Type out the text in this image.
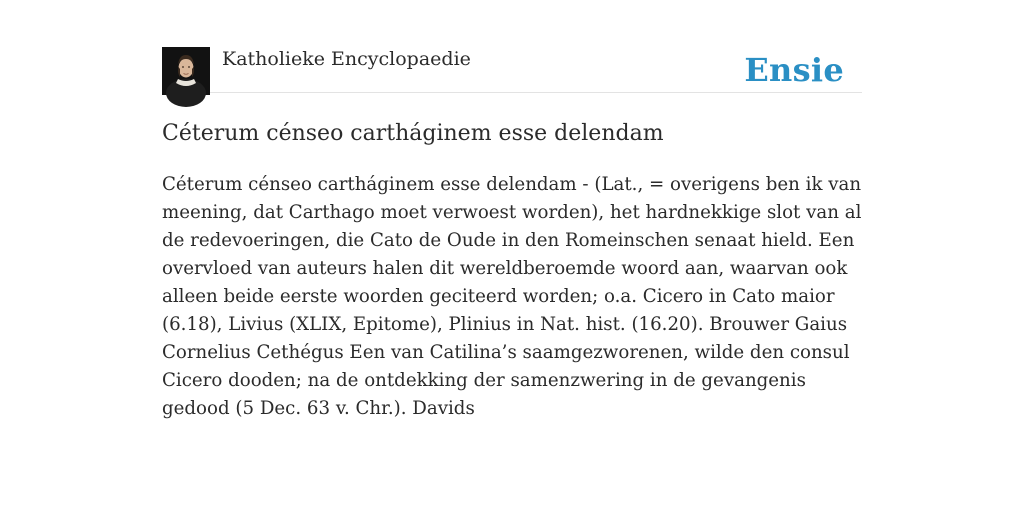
Katholieke Encyclopaedie	Ensie
Céterum cénseo cartháginem esse delendam

Céterum cénseo cartháginem esse delendam - (Lat., = overigens ben ik van meening, dat Carthago moet verwoest worden), het hardnekkige slot van al de redevoeringen, die Cato de Oude in den Romeinschen senaat hield. Een overvloed van auteurs halen dit wereldberoemde woord aan, waarvan ook alleen beide eerste woorden geciteerd worden; o.a. Cicero in Cato maior (6.18), Livius (XLIX, Epitome), Plinius in Nat. hist. (16.20). Brouwer Gaius Cornelius Cethégus Een van Catilina’s saamgezworenen, wilde den consul Cicero dooden; na de ontdekking der samenzwering in de gevangenis gedood (5 Dec. 63 v. Chr.). Davids
